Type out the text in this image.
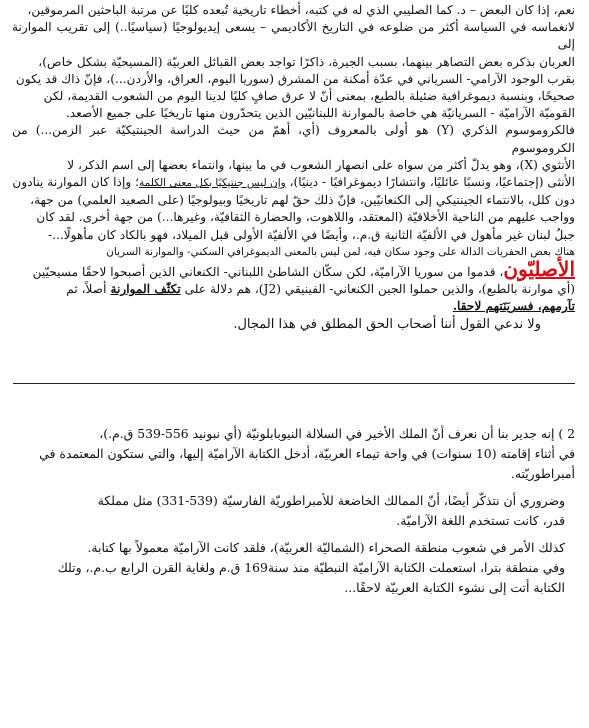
نعم، إذا كان البعض – د. كما الصليبي الذي له في كتبه، أخطاء تاريخية تُبعده كليًا عن مرتبة الباحثين المرموقين،

لانغماسه في السياسة أكثر من ضلوعه في التاريخ الأكاديمي – يسعى إيديولوجيًا (سياسيًا..) إلى تقريب الموارنة إلى

العربان بذكره بعض التصاهر بينهما، بسبب الجيرة، ذاكرًا تواجد بعض القبائل العربيّة (المسيحيّة بشكل خاص)،

بقرب الوجود الآرامي- السرياني في عدّة أمكنة من المشرق (سوريا اليوم، العراق، والأردن...)، فإنّ ذاك قد يكون

صحيحًا، وبنسبة ديموغرافية ضئيلة بالطبع، بمعنى أنّ لا عرق صافٍ كليًا لدينا اليوم من الشعوب القديمة، لكن

القوميّة الآراميّة - السريانيّة هي خاصة بالموارنة اللبنانيّين الذين يتحدّرون منها تاريخيًا على جميع الأصعد.

فالكروموسوم الذكري (Y) هو أولى بالمعروف (أي، أهمّ من حيث الدراسة الجينتيكيّة عبر الزمن...) من الكروموسوم

الأنثوي (X)، وهو يدلّ أكثر من سواه على انصهار الشعوب في ما بينها، وانتماء بعضها إلى اسم الذكر، لا

الأنثى (إجتماعيًا، ونسبًا عائليًا، وانتشارًا ديموغرافيًا - دينيًا)، وإن ليس جنتيكيًا بكل معنى الكلمة؛ وإذا كان الموارنة ينادون

دون كلل، بالانتماء الجينتيكي إلى الكنعانيّين، فإنّ ذلك حقّ لهم تاريخيًا وبيولوجيًا (على الصعيد العلمي) من جهة،

وواجب عليهم من الناحية الأخلاقيّة (المعتقد، واللاهوت، والحضارة الثقافيّة، وغيرها...) من جهة أخرى. لقد كان

جبلُ لبنان غير مأهول في الألفيّة الثانية ق.م.، وأيضًا في الألفيّة الأولى قبل الميلاد، فهو بالكاد كان مأهولًا...-

هناك بعض الحفريات الدالة على وجود سكان فيه، لمن ليس بالمعنى الديموغرافي السكني- والموارنة السريان

الأصليّون، قدموا من سوريا الآراميّة، لكن سكّان الشاطئ اللبناني- الكنعاني الذين أصبحوا لاحقًا مسيحيّين

(أي موارنة بالطبع)، والذين حملوا الجين الكنعاني- الفينيقي (J2)، هم دلالة على تكثّف الموارنة أصلاً، ثم

تآرمهم، فسريَنَتهم لاحقا.

ولا ندعي القول أننا أصحاب الحق المطلق في هذا المجال.

2 ) إنه جدير بنا أن نعرف أنّ الملك الأخير في السلالة النيوبابلونيّة (أي نبونيد 556-539 ق.م.)،
في أثناء إقامته (10 سنوات) في واحة تيماء العربيّة، أدخل الكتابة الآراميّة إليها، والتي ستكون المعتمدة في
أمبراطوريّته.

وضروري أن نتذكّر أيضًا، أنّ الممالك الخاضعة للأمبراطوريّة الفارسيّة (539-331) مثل مملكة
قدر، كانت تستخدم اللغة الآراميّة.

كذلك الأمر في شعوب منطقة الصحراء (الشماليّة العربيّة)، فلقد كانت الآراميّة معمولاً بها كتابة.
وفي منطقة بترا، استعملت الكتابة الآراميّة النبطيّة منذ سنة169 ق.م ولغاية القرن الرابع ب.م.، وتلك
الكتابة أتت إلى نشوء الكتابة العربيّة لاحقًا...
